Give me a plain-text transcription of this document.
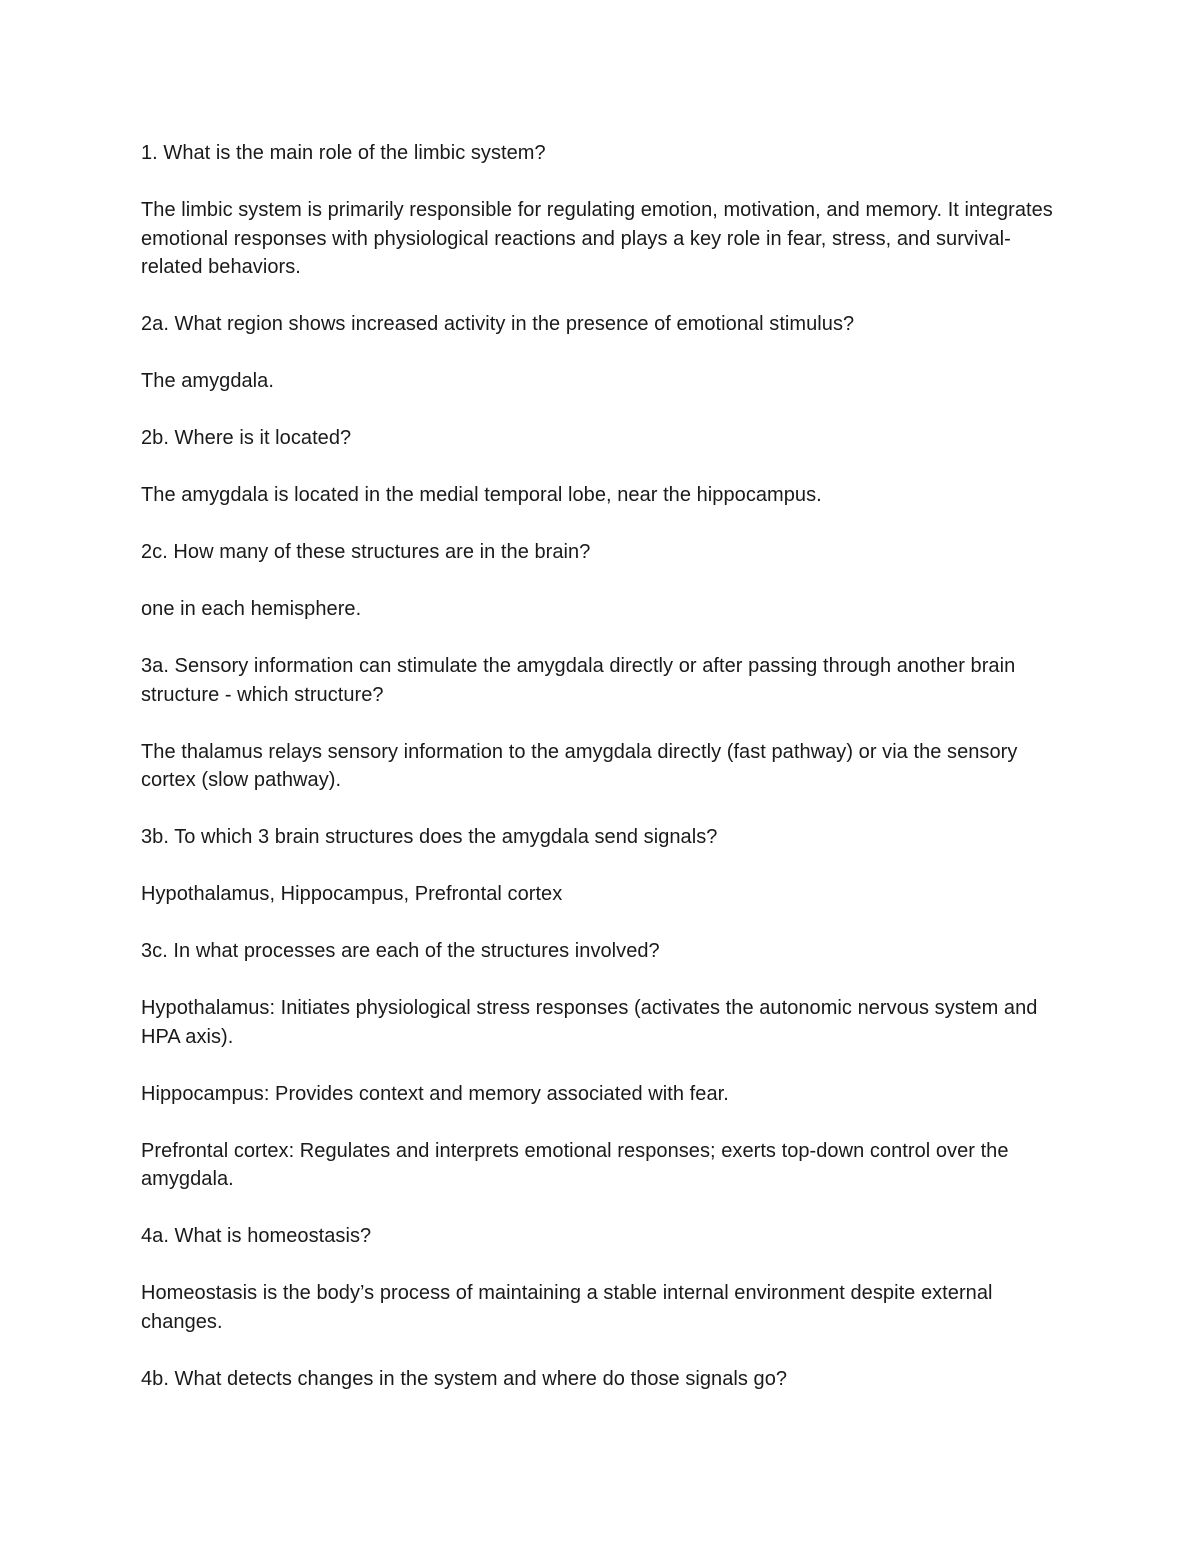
1. What is the main role of the limbic system?

The limbic system is primarily responsible for regulating emotion, motivation, and memory. It integrates emotional responses with physiological reactions and plays a key role in fear, stress, and survival-related behaviors.

2a. What region shows increased activity in the presence of emotional stimulus?

The amygdala.

2b. Where is it located?

The amygdala is located in the medial temporal lobe, near the hippocampus.

2c. How many of these structures are in the brain?

one in each hemisphere.

3a. Sensory information can stimulate the amygdala directly or after passing through another brain structure - which structure?

The thalamus relays sensory information to the amygdala directly (fast pathway) or via the sensory cortex (slow pathway).

3b. To which 3 brain structures does the amygdala send signals?

Hypothalamus, Hippocampus, Prefrontal cortex

3c. In what processes are each of the structures involved?

Hypothalamus: Initiates physiological stress responses (activates the autonomic nervous system and HPA axis).

Hippocampus: Provides context and memory associated with fear.

Prefrontal cortex: Regulates and interprets emotional responses; exerts top-down control over the amygdala.

4a. What is homeostasis?

Homeostasis is the body’s process of maintaining a stable internal environment despite external changes.

4b. What detects changes in the system and where do those signals go?
